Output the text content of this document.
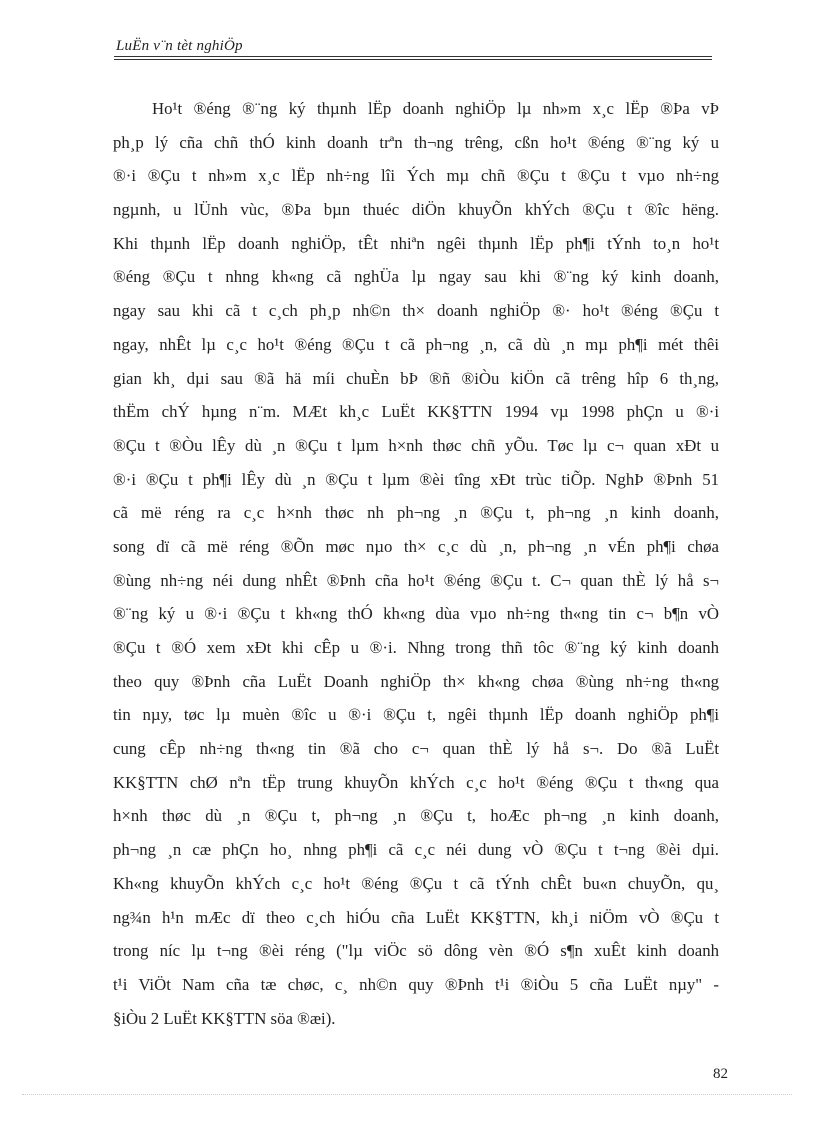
LuËn v¨n tèt nghiÖp
Ho¹t ®éng ®¨ng ký thµnh lËp doanh nghiÖp lµ nh»m x¸c lËp ®Þa vÞ
ph¸p lý cña chñ thÓ kinh doanh trªn th¬ng trêng, cßn ho¹t ®éng ®¨ng ký u
®·i ®Çu t nh»m x¸c lËp nh÷ng lîi Ých mµ chñ ®Çu t ®Çu t vµo nh÷ng
ngµnh, u lÜnh vùc, ®Þa bµn thuéc diÖn khuyÕn khÝch ®Çu t ®îc hëng.
Khi thµnh lËp doanh nghiÖp, tÊt nhiªn ngêi thµnh lËp ph¶i tÝnh to¸n ho¹t
®éng ®Çu t nhng kh«ng cã nghÜa lµ ngay sau khi ®¨ng ký kinh doanh,
ngay sau khi cã t c¸ch ph¸p nh©n th× doanh nghiÖp ®· ho¹t ®éng ®Çu t
ngay, nhÊt lµ c¸c ho¹t ®éng ®Çu t cã ph¬ng ¸n, cã dù ¸n mµ ph¶i mét thêi
gian kh¸ dµi sau ®ã hä míi chuÈn bÞ ®ñ ®iÒu kiÖn cã trêng hîp 6 th¸ng,
thËm chÝ hµng n¨m. MÆt kh¸c LuËt KK§TTN 1994 vµ 1998 phÇn u ®·i
®Çu t ®Òu lÊy dù ¸n ®Çu t lµm h×nh thøc chñ yÕu. Tøc lµ c¬ quan xÐt u
®·i ®Çu t ph¶i lÊy dù ¸n ®Çu t lµm ®èi tîng xÐt trùc tiÕp. NghÞ ®Þnh 51
cã më réng ra c¸c h×nh thøc nh ph¬ng ¸n ®Çu t, ph¬ng ¸n kinh doanh,
song dï cã më réng ®Õn møc nµo th× c¸c dù ¸n, ph¬ng ¸n vÉn ph¶i chøa
®ùng nh÷ng néi dung nhÊt ®Þnh cña ho¹t ®éng ®Çu t. C¬ quan thÈ lý hå s¬
®¨ng ký u ®·i ®Çu t kh«ng thÓ kh«ng dùa vµo nh÷ng th«ng tin c¬ b¶n vÒ
®Çu t ®Ó xem xÐt khi cÊp u ®·i. Nhng trong thñ tôc ®¨ng ký kinh doanh
theo quy ®Þnh cña LuËt Doanh nghiÖp th× kh«ng chøa ®ùng nh÷ng th«ng
tin nµy, tøc lµ muèn ®îc u ®·i ®Çu t, ngêi thµnh lËp doanh nghiÖp ph¶i
cung cÊp nh÷ng th«ng tin ®ã cho c¬ quan thÈ lý hå s¬. Do ®ã LuËt
KK§TTN chØ nªn tËp trung khuyÕn khÝch c¸c ho¹t ®éng ®Çu t th«ng qua
h×nh thøc dù ¸n ®Çu t, ph¬ng ¸n ®Çu t, hoÆc ph¬ng ¸n kinh doanh,
ph¬ng ¸n cæ phÇn ho¸ nhng ph¶i cã c¸c néi dung vÒ ®Çu t t¬ng ®èi dµi.
Kh«ng khuyÕn khÝch c¸c ho¹t ®éng ®Çu t cã tÝnh chÊt bu«n chuyÕn, qu¸
ng¾n h¹n mÆc dï theo c¸ch hiÓu cña LuËt KK§TTN, kh¸i niÖm vÒ ®Çu t
trong níc lµ t¬ng ®èi réng ("lµ viÖc sö dông vèn ®Ó s¶n xuÊt kinh doanh
t¹i ViÖt Nam cña tæ chøc, c¸ nh©n quy ®Þnh t¹i ®iÒu 5 cña LuËt nµy" -
§iÒu 2 LuËt KK§TTN söa ®æi).
82
